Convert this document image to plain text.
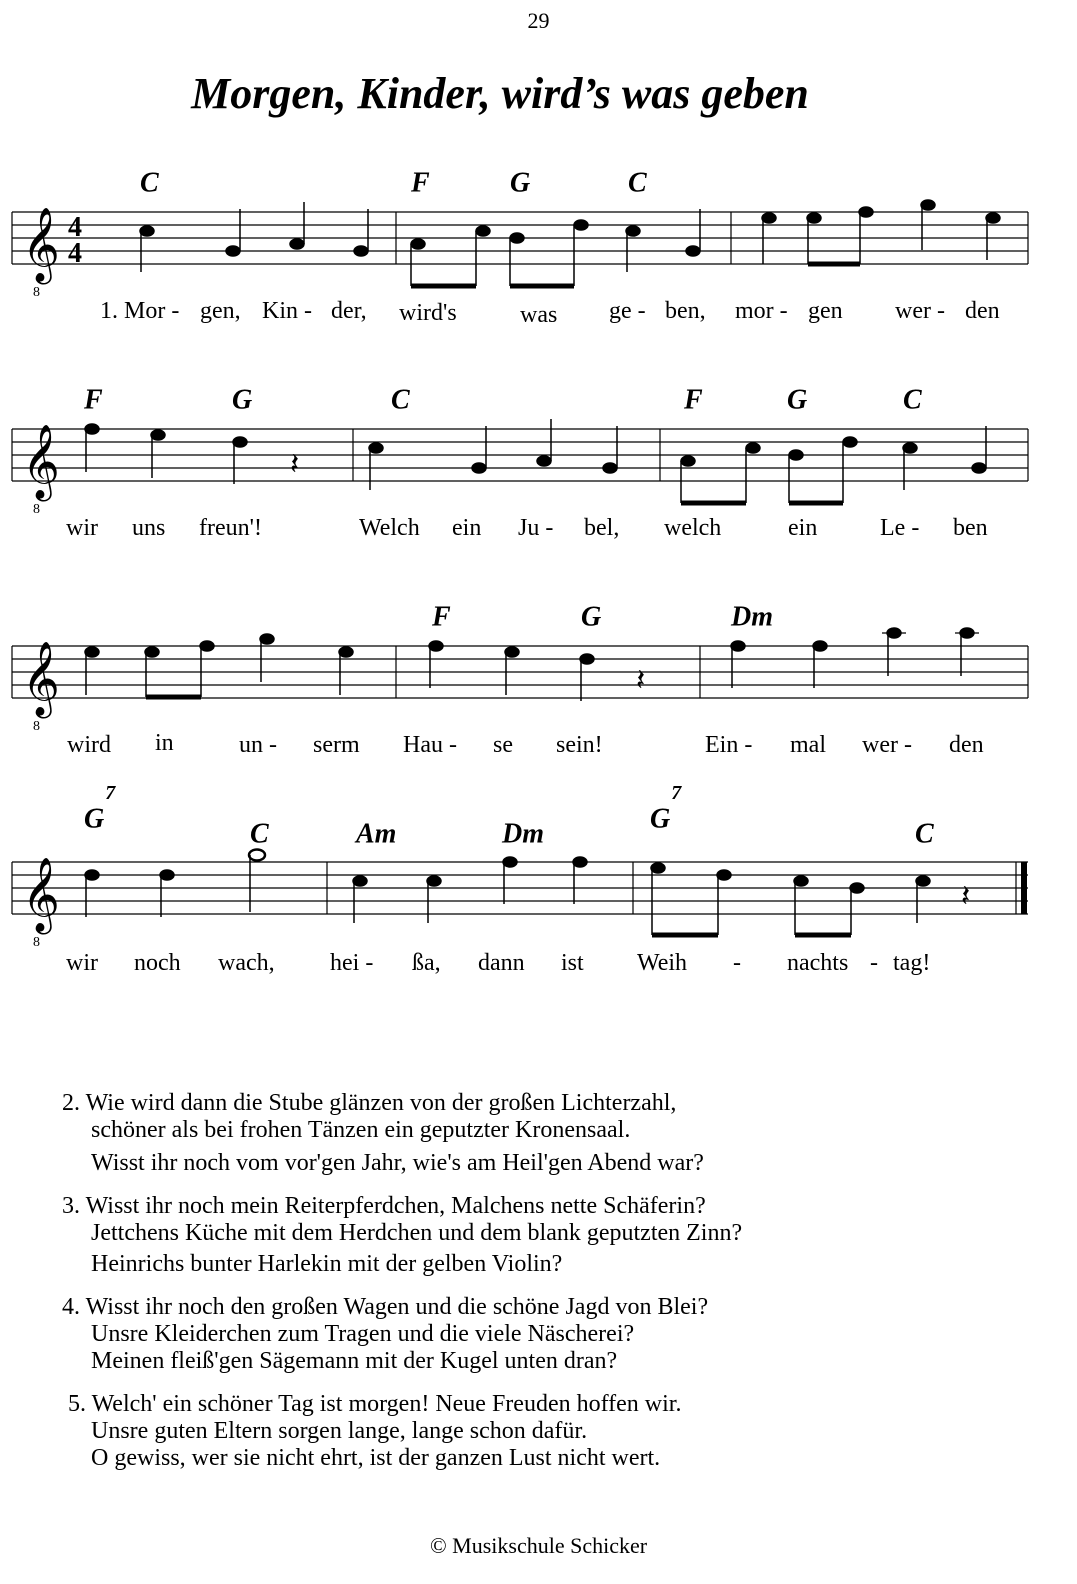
29
Morgen, Kinder, wird’s was geben
C	F	G	C
𝄞
8
4
4
1. Mor - gen, Kin - der, wird's	was ge - ben, mor - gen wer - den
F	G	C	F	G	C
𝄞
8
𝄽
wir uns freun'!	Welch ein Ju - bel, welch	ein	Le - ben
F	G	Dm
𝄞
8
𝄽
wird in	un - serm Hau - se sein!	Ein - mal wer - den
$G^7$
C	Am	Dm	$G^7$
C
𝄞
8
𝄽
wir noch wach, hei - ßa, dann ist Weih - nachts - tag!
2. Wie wird dann die Stube glänzen von der großen Lichterzahl,
schöner als bei frohen Tänzen ein geputzter Kronensaal.
Wisst ihr noch vom vor'gen Jahr, wie's am Heil'gen Abend war?
3. Wisst ihr noch mein Reiterpferdchen, Malchens nette Schäferin?
Jettchens Küche mit dem Herdchen und dem blank geputzten Zinn?
Heinrichs bunter Harlekin mit der gelben Violin?
4. Wisst ihr noch den großen Wagen und die schöne Jagd von Blei?
Unsre Kleiderchen zum Tragen und die viele Näscherei?
Meinen fleiß'gen Sägemann mit der Kugel unten dran?
5. Welch' ein schöner Tag ist morgen! Neue Freuden hoffen wir.
Unsre guten Eltern sorgen lange, lange schon dafür.
O gewiss, wer sie nicht ehrt, ist der ganzen Lust nicht wert.
© Musikschule Schicker
